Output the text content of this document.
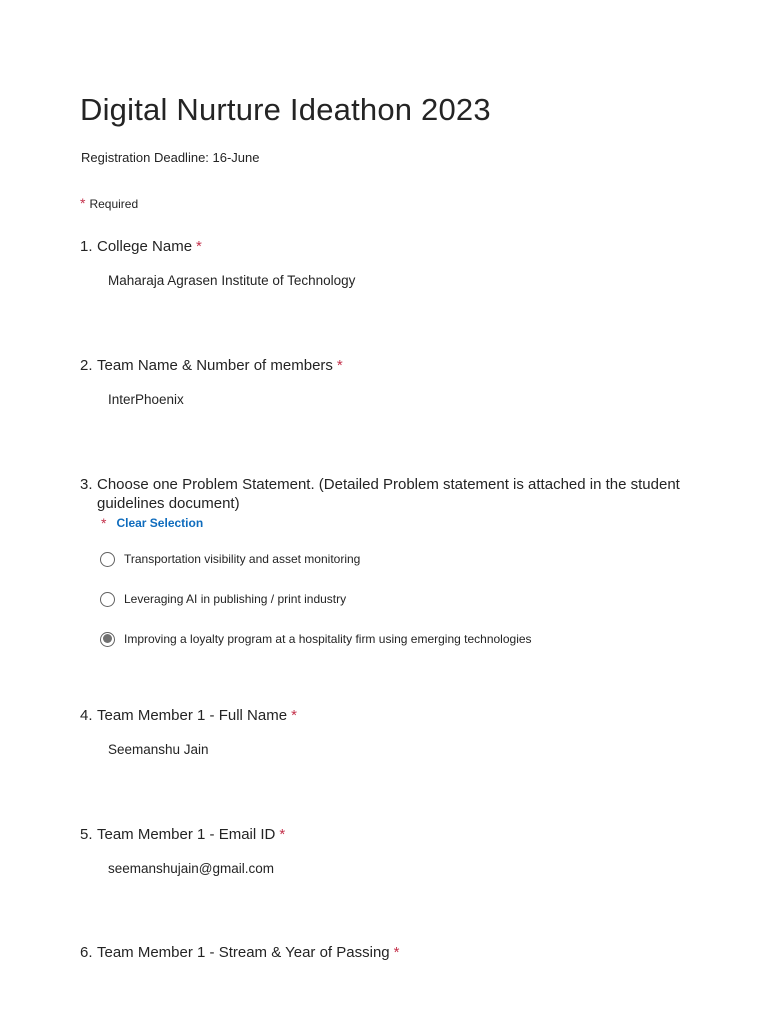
Digital Nurture Ideathon 2023
Registration Deadline: 16-June
* Required
1. College Name *
Maharaja Agrasen Institute of Technology
2. Team Name & Number of members *
InterPhoenix
3. Choose one Problem Statement. (Detailed Problem statement is attached in the student guidelines document)
* Clear Selection
Transportation visibility and asset monitoring
Leveraging AI in publishing / print industry
Improving a loyalty program at a hospitality firm using emerging technologies
4. Team Member 1 - Full Name *
Seemanshu Jain
5. Team Member 1 - Email ID *
seemanshujain@gmail.com
6. Team Member 1 - Stream & Year of Passing *
